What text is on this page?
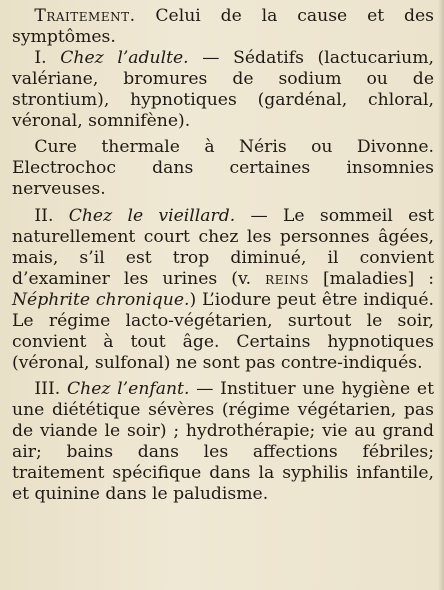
Traitement. Celui de la cause et des symptômes.

I. Chez l’adulte. — Sédatifs (lactucarium, valériane, bromures de sodium ou de strontium), hypnotiques (gardénal, chloral, véronal, somnifène).

Cure thermale à Néris ou Divonne. Electrochoc dans certaines insomnies nerveuses.

II. Chez le vieillard. — Le sommeil est naturellement court chez les personnes âgées, mais, s’il est trop diminué, il convient d’examiner les urines (v. reins [maladies] : Néphrite chronique.) L’iodure peut être indiqué. Le régime lacto-végétarien, surtout le soir, convient à tout âge. Certains hypnotiques (véronal, sulfonal) ne sont pas contre-indiqués.

III. Chez l’enfant. — Instituer une hygiène et une diététique sévères (régime végétarien, pas de viande le soir) ; hydrothérapie; vie au grand air; bains dans les affections fébriles; traitement spécifique dans la syphilis infantile, et quinine dans le paludisme.
